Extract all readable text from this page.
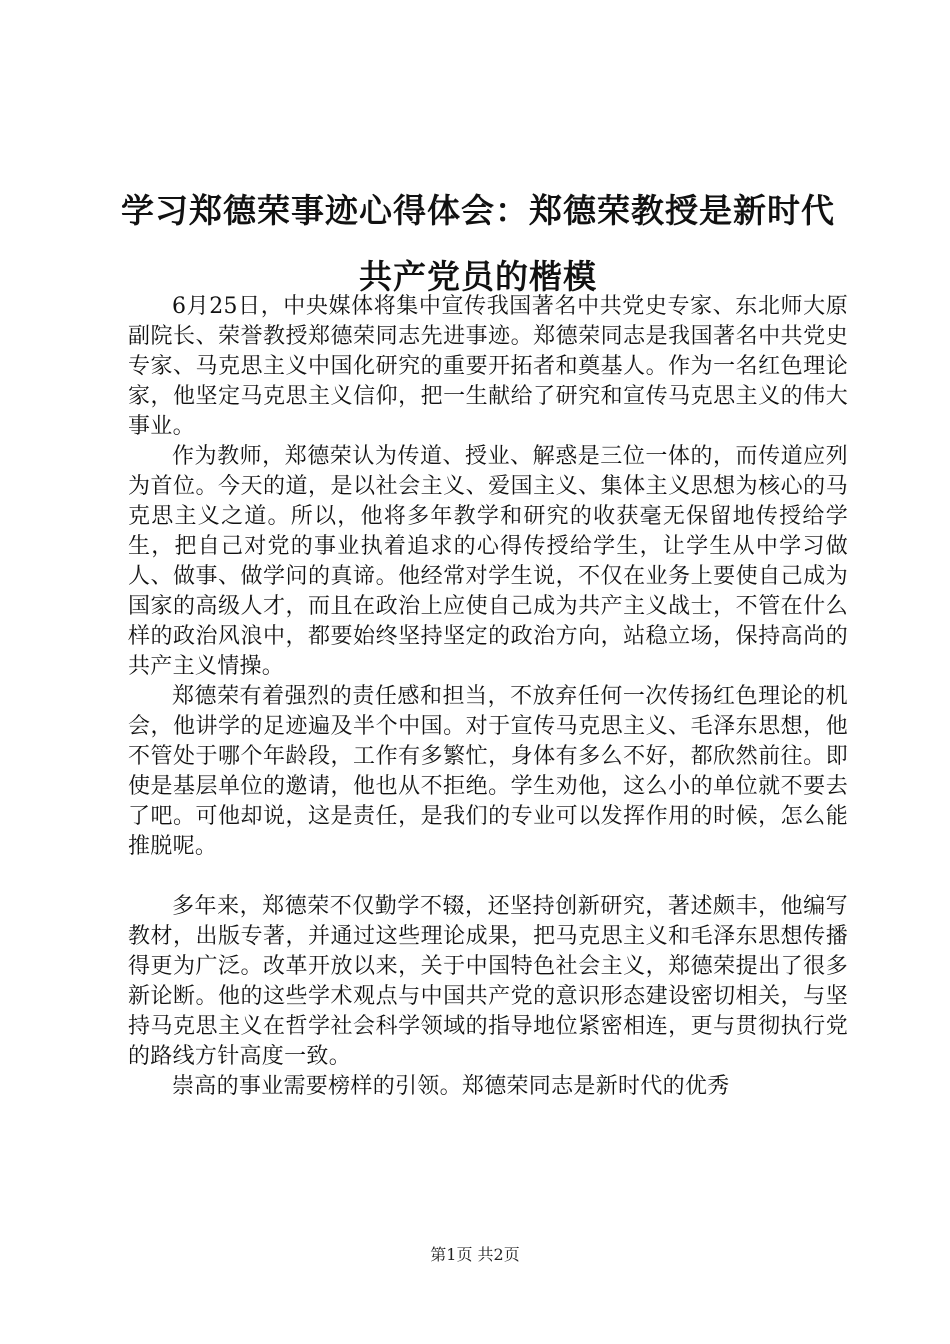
学习郑德荣事迹心得体会：郑德荣教授是新时代共产党员的楷模

6月25日，中央媒体将集中宣传我国著名中共党史专家、东北师大原副院长、荣誉教授郑德荣同志先进事迹。郑德荣同志是我国著名中共党史专家、马克思主义中国化研究的重要开拓者和奠基人。作为一名红色理论家，他坚定马克思主义信仰，把一生献给了研究和宣传马克思主义的伟大事业。

作为教师，郑德荣认为传道、授业、解惑是三位一体的，而传道应列为首位。今天的道，是以社会主义、爱国主义、集体主义思想为核心的马克思主义之道。所以，他将多年教学和研究的收获毫无保留地传授给学生，把自己对党的事业执着追求的心得传授给学生，让学生从中学习做人、做事、做学问的真谛。他经常对学生说，不仅在业务上要使自己成为国家的高级人才，而且在政治上应使自己成为共产主义战士，不管在什么样的政治风浪中，都要始终坚持坚定的政治方向，站稳立场，保持高尚的共产主义情操。

郑德荣有着强烈的责任感和担当，不放弃任何一次传扬红色理论的机会，他讲学的足迹遍及半个中国。对于宣传马克思主义、毛泽东思想，他不管处于哪个年龄段，工作有多繁忙，身体有多么不好，都欣然前往。即使是基层单位的邀请，他也从不拒绝。学生劝他，这么小的单位就不要去了吧。可他却说，这是责任，是我们的专业可以发挥作用的时候，怎么能推脱呢。

多年来，郑德荣不仅勤学不辍，还坚持创新研究，著述颇丰，他编写教材，出版专著，并通过这些理论成果，把马克思主义和毛泽东思想传播得更为广泛。改革开放以来，关于中国特色社会主义，郑德荣提出了很多新论断。他的这些学术观点与中国共产党的意识形态建设密切相关，与坚持马克思主义在哲学社会科学领域的指导地位紧密相连，更与贯彻执行党的路线方针高度一致。

崇高的事业需要榜样的引领。郑德荣同志是新时代的优秀

第1页 共2页
